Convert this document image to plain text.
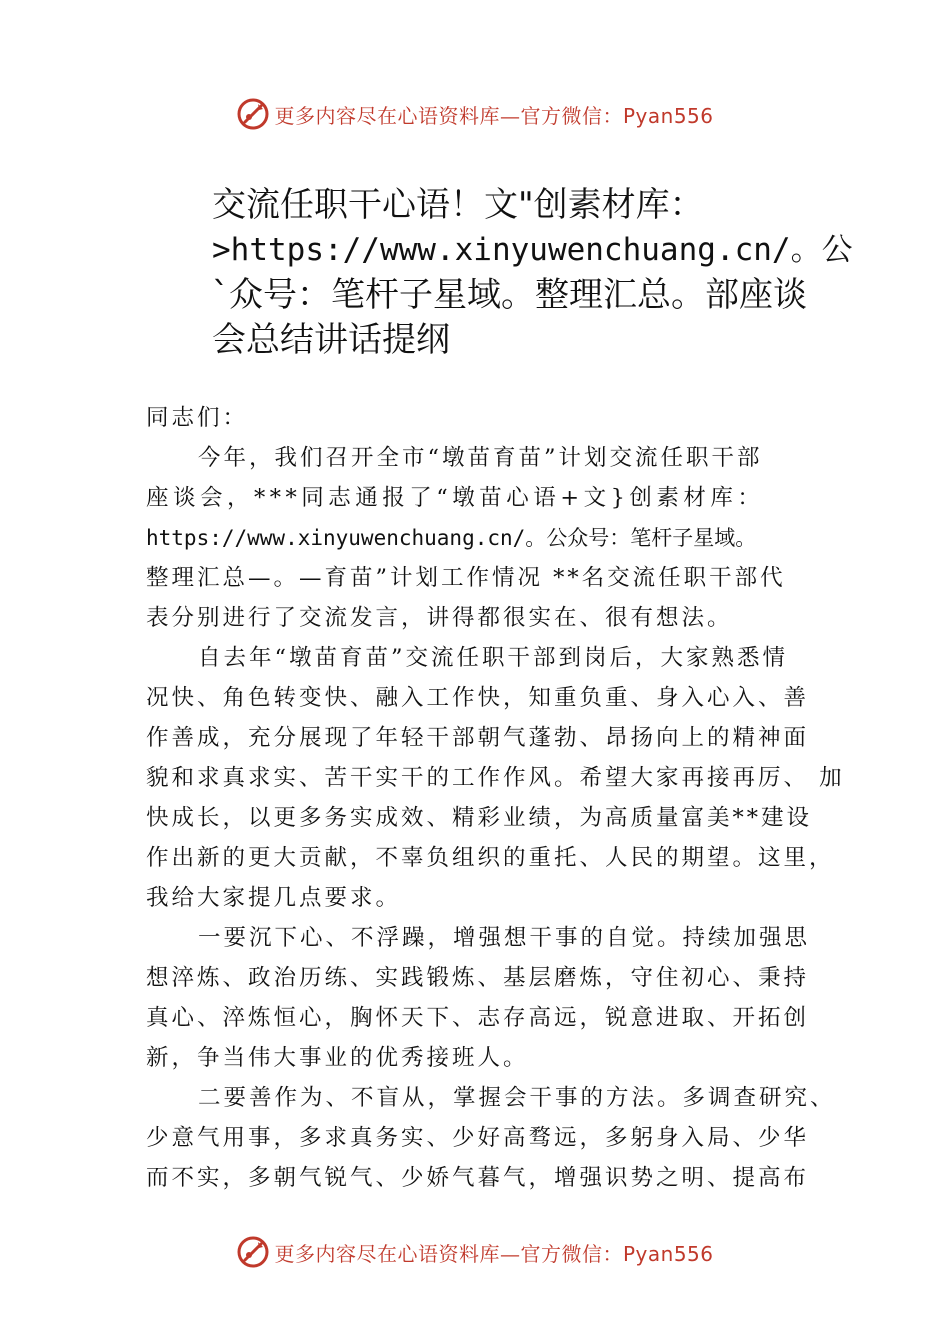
更多内容尽在心语资料库—官方微信：Pyan556
交流任职干心语！文"创素材库：
>https://www.xinyuwenchuang.cn/。公
`众号：笔杆子星域。整理汇总。部座谈
会总结讲话提纲
同志们：
今年，我们召开全市“墩苗育苗”计划交流任职干部
座谈会，***同志通报了“墩苗心语+文}创素材库：
https://www.xinyuwenchuang.cn/。公众号：笔杆子星域。
整理汇总—。—育苗”计划工作情况 **名交流任职干部代
表分别进行了交流发言，讲得都很实在、很有想法。
自去年“墩苗育苗”交流任职干部到岗后，大家熟悉情
况快、角色转变快、融入工作快，知重负重、身入心入、善
作善成，充分展现了年轻干部朝气蓬勃、昂扬向上的精神面
貌和求真求实、苦干实干的工作作风。希望大家再接再厉、 加
快成长，以更多务实成效、精彩业绩，为高质量富美**建设
作出新的更大贡献，不辜负组织的重托、人民的期望。这里，
我给大家提几点要求。
一要沉下心、不浮躁，增强想干事的自觉。持续加强思
想淬炼、政治历练、实践锻炼、基层磨炼，守住初心、秉持
真心、淬炼恒心，胸怀天下、志存高远，锐意进取、开拓创
新，争当伟大事业的优秀接班人。
二要善作为、不盲从，掌握会干事的方法。多调查研究、
少意气用事，多求真务实、少好高骛远，多躬身入局、少华
而不实，多朝气锐气、少娇气暮气，增强识势之明、提高布
更多内容尽在心语资料库—官方微信：Pyan556
